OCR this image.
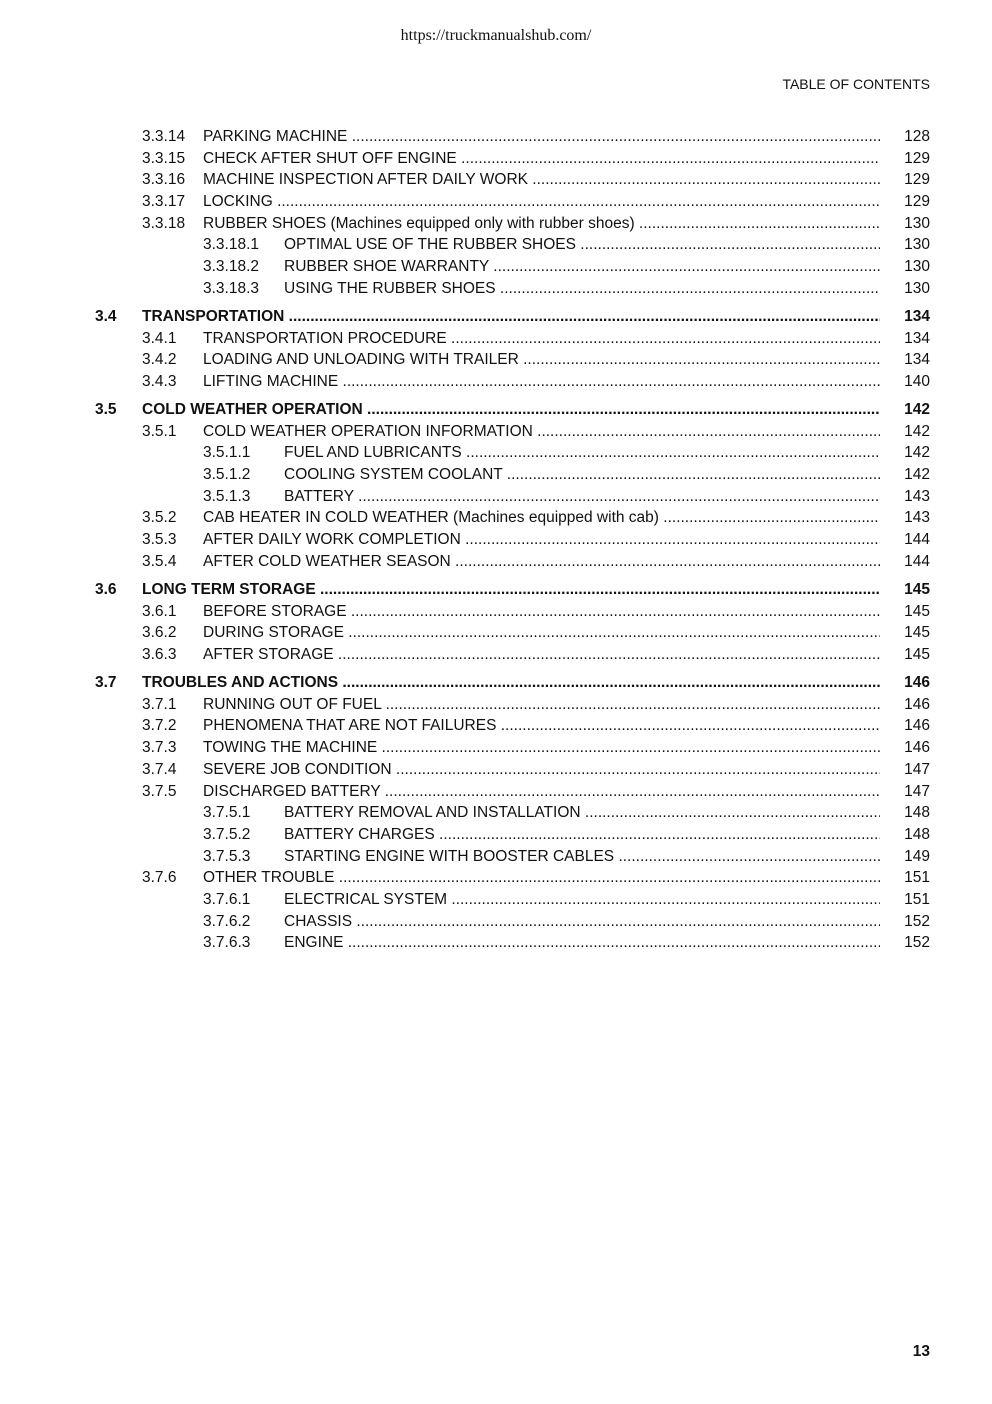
https://truckmanualshub.com/
TABLE OF CONTENTS
3.3.14 PARKING MACHINE .....	128
3.3.15 CHECK AFTER SHUT OFF ENGINE .....	129
3.3.16 MACHINE INSPECTION AFTER DAILY WORK .....	129
3.3.17 LOCKING .....	129
3.3.18 RUBBER SHOES (Machines equipped only with rubber shoes) .....	130
3.3.18.1 OPTIMAL USE OF THE RUBBER SHOES .....	130
3.3.18.2 RUBBER SHOE WARRANTY .....	130
3.3.18.3 USING THE RUBBER SHOES .....	130
3.4 TRANSPORTATION .....	134
3.4.1 TRANSPORTATION PROCEDURE .....	134
3.4.2 LOADING AND UNLOADING WITH TRAILER .....	134
3.4.3 LIFTING MACHINE .....	140
3.5 COLD WEATHER OPERATION .....	142
3.5.1 COLD WEATHER OPERATION INFORMATION .....	142
3.5.1.1 FUEL AND LUBRICANTS .....	142
3.5.1.2 COOLING SYSTEM COOLANT .....	142
3.5.1.3 BATTERY .....	143
3.5.2 CAB HEATER IN COLD WEATHER (Machines equipped with cab) .....	143
3.5.3 AFTER DAILY WORK COMPLETION .....	144
3.5.4 AFTER COLD WEATHER SEASON .....	144
3.6 LONG TERM STORAGE .....	145
3.6.1 BEFORE STORAGE .....	145
3.6.2 DURING STORAGE .....	145
3.6.3 AFTER STORAGE .....	145
3.7 TROUBLES AND ACTIONS .....	146
3.7.1 RUNNING OUT OF FUEL .....	146
3.7.2 PHENOMENA THAT ARE NOT FAILURES .....	146
3.7.3 TOWING THE MACHINE .....	146
3.7.4 SEVERE JOB CONDITION .....	147
3.7.5 DISCHARGED BATTERY .....	147
3.7.5.1 BATTERY REMOVAL AND INSTALLATION .....	148
3.7.5.2 BATTERY CHARGES .....	148
3.7.5.3 STARTING ENGINE WITH BOOSTER CABLES .....	149
3.7.6 OTHER TROUBLE .....	151
3.7.6.1 ELECTRICAL SYSTEM .....	151
3.7.6.2 CHASSIS .....	152
3.7.6.3 ENGINE .....	152
13
